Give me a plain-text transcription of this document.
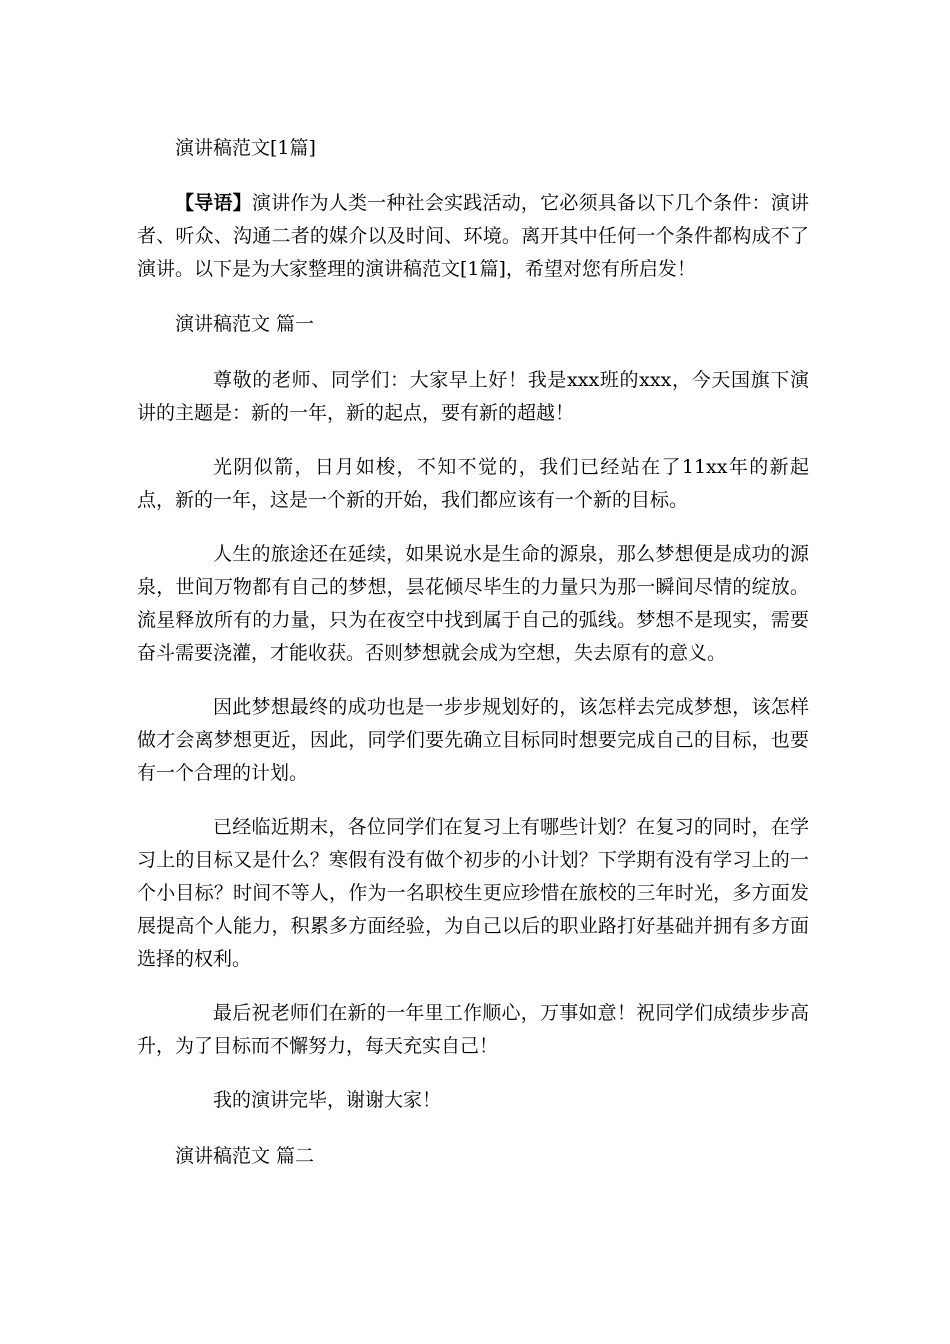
演讲稿范文[1篇]
【导语】演讲作为人类一种社会实践活动，它必须具备以下几个条件：演讲者、听众、沟通二者的媒介以及时间、环境。离开其中任何一个条件都构成不了演讲。以下是为大家整理的演讲稿范文[1篇]，希望对您有所启发！
演讲稿范文 篇一
尊敬的老师、同学们：大家早上好！我是xxx班的xxx，今天国旗下演讲的主题是：新的一年，新的起点，要有新的超越！
光阴似箭，日月如梭，不知不觉的，我们已经站在了11xx年的新起点，新的一年，这是一个新的开始，我们都应该有一个新的目标。
人生的旅途还在延续，如果说水是生命的源泉，那么梦想便是成功的源泉，世间万物都有自己的梦想，昙花倾尽毕生的力量只为那一瞬间尽情的绽放。流星释放所有的力量，只为在夜空中找到属于自己的弧线。梦想不是现实，需要奋斗需要浇灌，才能收获。否则梦想就会成为空想，失去原有的意义。
因此梦想最终的成功也是一步步规划好的，该怎样去完成梦想，该怎样做才会离梦想更近，因此，同学们要先确立目标同时想要完成自己的目标，也要有一个合理的计划。
已经临近期末，各位同学们在复习上有哪些计划？在复习的同时，在学习上的目标又是什么？寒假有没有做个初步的小计划？下学期有没有学习上的一个小目标？时间不等人，作为一名职校生更应珍惜在旅校的三年时光，多方面发展提高个人能力，积累多方面经验，为自己以后的职业路打好基础并拥有多方面选择的权利。
最后祝老师们在新的一年里工作顺心，万事如意！祝同学们成绩步步高升，为了目标而不懈努力，每天充实自己！
我的演讲完毕，谢谢大家！
演讲稿范文 篇二
